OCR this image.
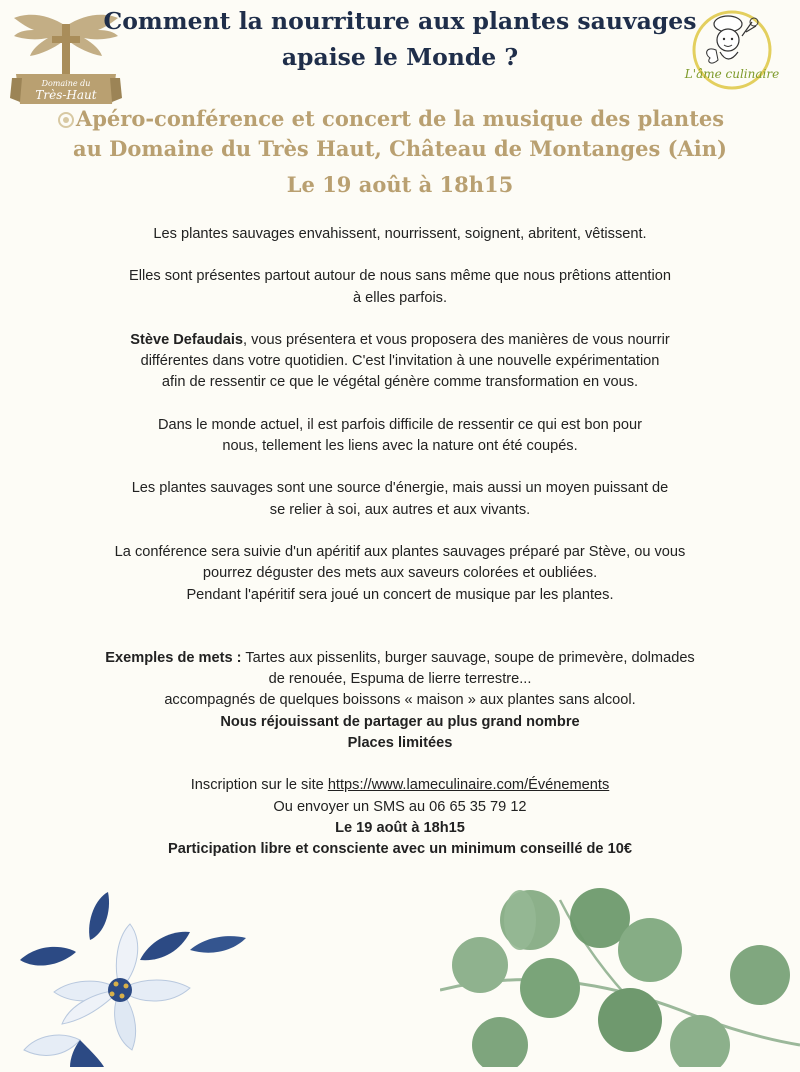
Domaine du
Très-Haut
L'âme culinaire
Comment la nourriture aux plantes sauvages
apaise le Monde ?
Apéro-conférence et concert de la musique des plantes
au Domaine du Très Haut, Château de Montanges (Ain)
Le 19 août à 18h15

Les plantes sauvages envahissent, nourrissent, soignent, abritent, vêtissent.

Elles sont présentes partout autour de nous sans même que nous prêtions attention

à elles parfois.

Stève Defaudais, vous présentera et vous proposera des manières de vous nourrir

différentes dans votre quotidien. C'est l'invitation à une nouvelle expérimentation

afin de ressentir ce que le végétal génère comme transformation en vous.

Dans le monde actuel, il est parfois difficile de ressentir ce qui est bon pour

nous, tellement les liens avec la nature ont été coupés.

Les plantes sauvages sont une source d'énergie, mais aussi un moyen puissant de

se relier à soi, aux autres et aux vivants.

La conférence sera suivie d'un apéritif aux plantes sauvages préparé par Stève, ou vous

pourrez déguster des mets aux saveurs colorées et oubliées.

Pendant l'apéritif sera joué un concert de musique par les plantes.

Exemples de mets : Tartes aux pissenlits, burger sauvage, soupe de primevère, dolmades

de renouée, Espuma de lierre terrestre...

accompagnés de quelques boissons « maison » aux plantes sans alcool.

Nous réjouissant de partager au plus grand nombre

Places limitées

Inscription sur le site https://www.lameculinaire.com/Événements

Ou envoyer un SMS au 06 65 35 79 12

Le 19 août à 18h15

Participation libre et consciente avec un minimum conseillé de 10€
